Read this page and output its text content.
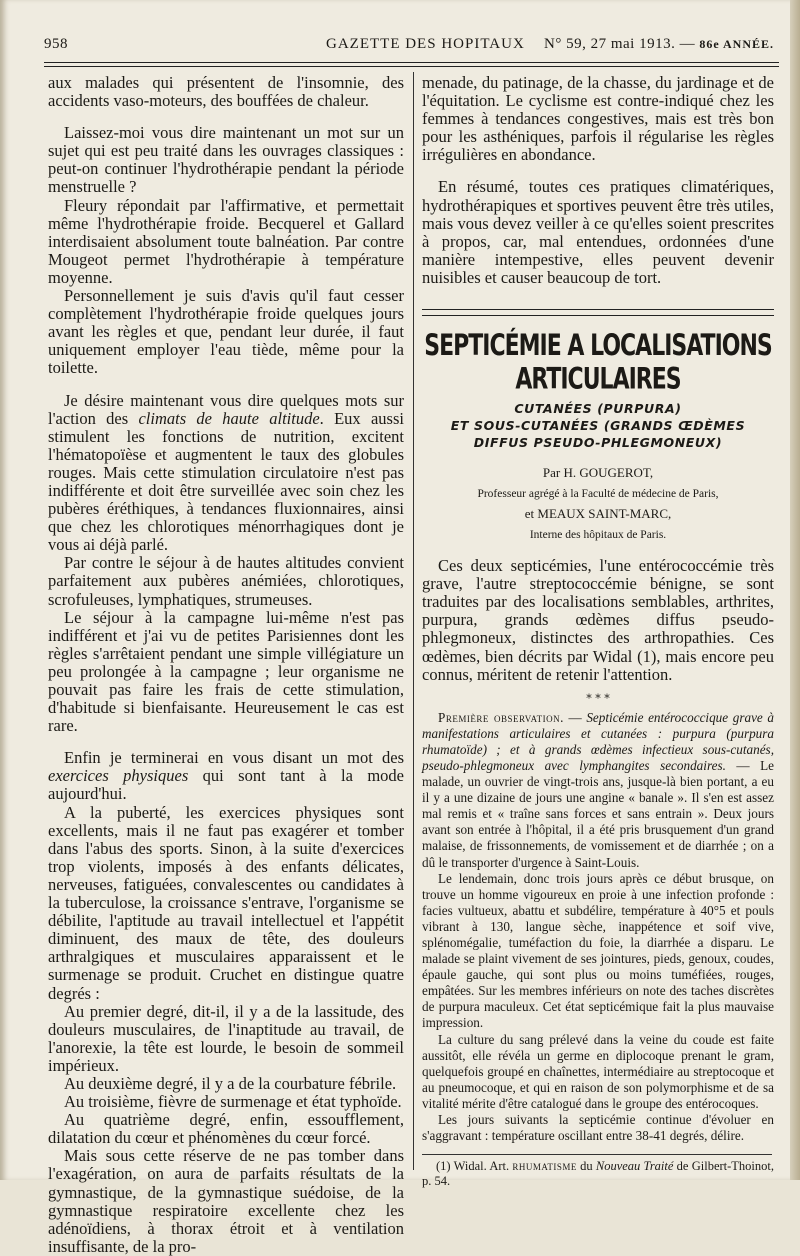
958	GAZETTE DES HOPITAUX N° 59, 27 mai 1913. — 86e ANNÉE.

aux malades qui présentent de l'insomnie, des accidents vaso-moteurs, des bouffées de chaleur.

Laissez-moi vous dire maintenant un mot sur un sujet qui est peu traité dans les ouvrages classiques : peut-on continuer l'hydrothérapie pendant la période menstruelle ?

Fleury répondait par l'affirmative, et permettait même l'hydrothérapie froide. Becquerel et Gallard interdisaient absolument toute balnéation. Par contre Mougeot permet l'hydrothérapie à température moyenne.

Personnellement je suis d'avis qu'il faut cesser complètement l'hydrothérapie froide quelques jours avant les règles et que, pendant leur durée, il faut uniquement employer l'eau tiède, même pour la toilette.

Je désire maintenant vous dire quelques mots sur l'action des climats de haute altitude. Eux aussi stimulent les fonctions de nutrition, excitent l'hématopoïèse et augmentent le taux des globules rouges. Mais cette stimulation circulatoire n'est pas indifférente et doit être surveillée avec soin chez les pubères éréthiques, à tendances fluxionnaires, ainsi que chez les chlorotiques ménorrhagiques dont je vous ai déjà parlé.

Par contre le séjour à de hautes altitudes convient parfaitement aux pubères anémiées, chlorotiques, scrofuleuses, lymphatiques, strumeuses.

Le séjour à la campagne lui-même n'est pas indifférent et j'ai vu de petites Parisiennes dont les règles s'arrêtaient pendant une simple villégiature un peu prolongée à la campagne ; leur organisme ne pouvait pas faire les frais de cette stimulation, d'habitude si bienfaisante. Heureusement le cas est rare.

Enfin je terminerai en vous disant un mot des exercices physiques qui sont tant à la mode aujourd'hui.

A la puberté, les exercices physiques sont excellents, mais il ne faut pas exagérer et tomber dans l'abus des sports. Sinon, à la suite d'exercices trop violents, imposés à des enfants délicates, nerveuses, fatiguées, convalescentes ou candidates à la tuberculose, la croissance s'entrave, l'organisme se débilite, l'aptitude au travail intellectuel et l'appétit diminuent, des maux de tête, des douleurs arthralgiques et musculaires apparaissent et le surmenage se produit. Cruchet en distingue quatre degrés :

Au premier degré, dit-il, il y a de la lassitude, des douleurs musculaires, de l'inaptitude au travail, de l'anorexie, la tête est lourde, le besoin de sommeil impérieux.

Au deuxième degré, il y a de la courbature fébrile.

Au troisième, fièvre de surmenage et état typhoïde.

Au quatrième degré, enfin, essoufflement, dilatation du cœur et phénomènes du cœur forcé.

Mais sous cette réserve de ne pas tomber dans l'exagération, on aura de parfaits résultats de la gymnastique, de la gymnastique suédoise, de la gymnastique respiratoire excellente chez les adénoïdiens, à thorax étroit et à ventilation insuffisante, de la pro-

menade, du patinage, de la chasse, du jardinage et de l'équitation. Le cyclisme est contre-indiqué chez les femmes à tendances congestives, mais est très bon pour les asthéniques, parfois il régularise les règles irrégulières en abondance.

En résumé, toutes ces pratiques climatériques, hydrothérapiques et sportives peuvent être très utiles, mais vous devez veiller à ce qu'elles soient prescrites à propos, car, mal entendues, ordonnées d'une manière intempestive, elles peuvent devenir nuisibles et causer beaucoup de tort.

SEPTICÉMIE A LOCALISATIONS ARTICULAIRES
CUTANÉES (PURPURA)
ET SOUS-CUTANÉES (GRANDS ŒDÈMES DIFFUS PSEUDO-PHLEGMONEUX)
Par H. GOUGEROT,
Professeur agrégé à la Faculté de médecine de Paris,
et MEAUX SAINT-MARC,
Interne des hôpitaux de Paris.

Ces deux septicémies, l'une entérococcémie très grave, l'autre streptococcémie bénigne, se sont traduites par des localisations semblables, arthrites, purpura, grands œdèmes diffus pseudo-phlegmoneux, distinctes des arthropathies. Ces œdèmes, bien décrits par Widal (1), mais encore peu connus, méritent de retenir l'attention.

* * *

Première observation. — Septicémie entérococcique grave à manifestations articulaires et cutanées : purpura (purpura rhumatoïde) ; et à grands œdèmes infectieux sous-cutanés, pseudo-phlegmoneux avec lymphangites secondaires. — Le malade, un ouvrier de vingt-trois ans, jusque-là bien portant, a eu il y a une dizaine de jours une angine « banale ». Il s'en est assez mal remis et « traîne sans forces et sans entrain ». Deux jours avant son entrée à l'hôpital, il a été pris brusquement d'un grand malaise, de frissonnements, de vomissement et de diarrhée ; on a dû le transporter d'urgence à Saint-Louis.

Le lendemain, donc trois jours après ce début brusque, on trouve un homme vigoureux en proie à une infection profonde : facies vultueux, abattu et subdélire, température à 40°5 et pouls vibrant à 130, langue sèche, inappétence et soif vive, splénomégalie, tuméfaction du foie, la diarrhée a disparu. Le malade se plaint vivement de ses jointures, pieds, genoux, coudes, épaule gauche, qui sont plus ou moins tuméfiées, rouges, empâtées. Sur les membres inférieurs on note des taches discrètes de purpura maculeux. Cet état septicémique fait la plus mauvaise impression.

La culture du sang prélevé dans la veine du coude est faite aussitôt, elle révéla un germe en diplocoque prenant le gram, quelquefois groupé en chaînettes, intermédiaire au streptocoque et au pneumocoque, et qui en raison de son polymorphisme et de sa vitalité mérite d'être catalogué dans le groupe des entérocoques.

Les jours suivants la septicémie continue d'évoluer en s'aggravant : température oscillant entre 38-41 degrés, délire.

(1) Widal. Art. rhumatisme du Nouveau Traité de Gilbert-Thoinot, p. 54.
